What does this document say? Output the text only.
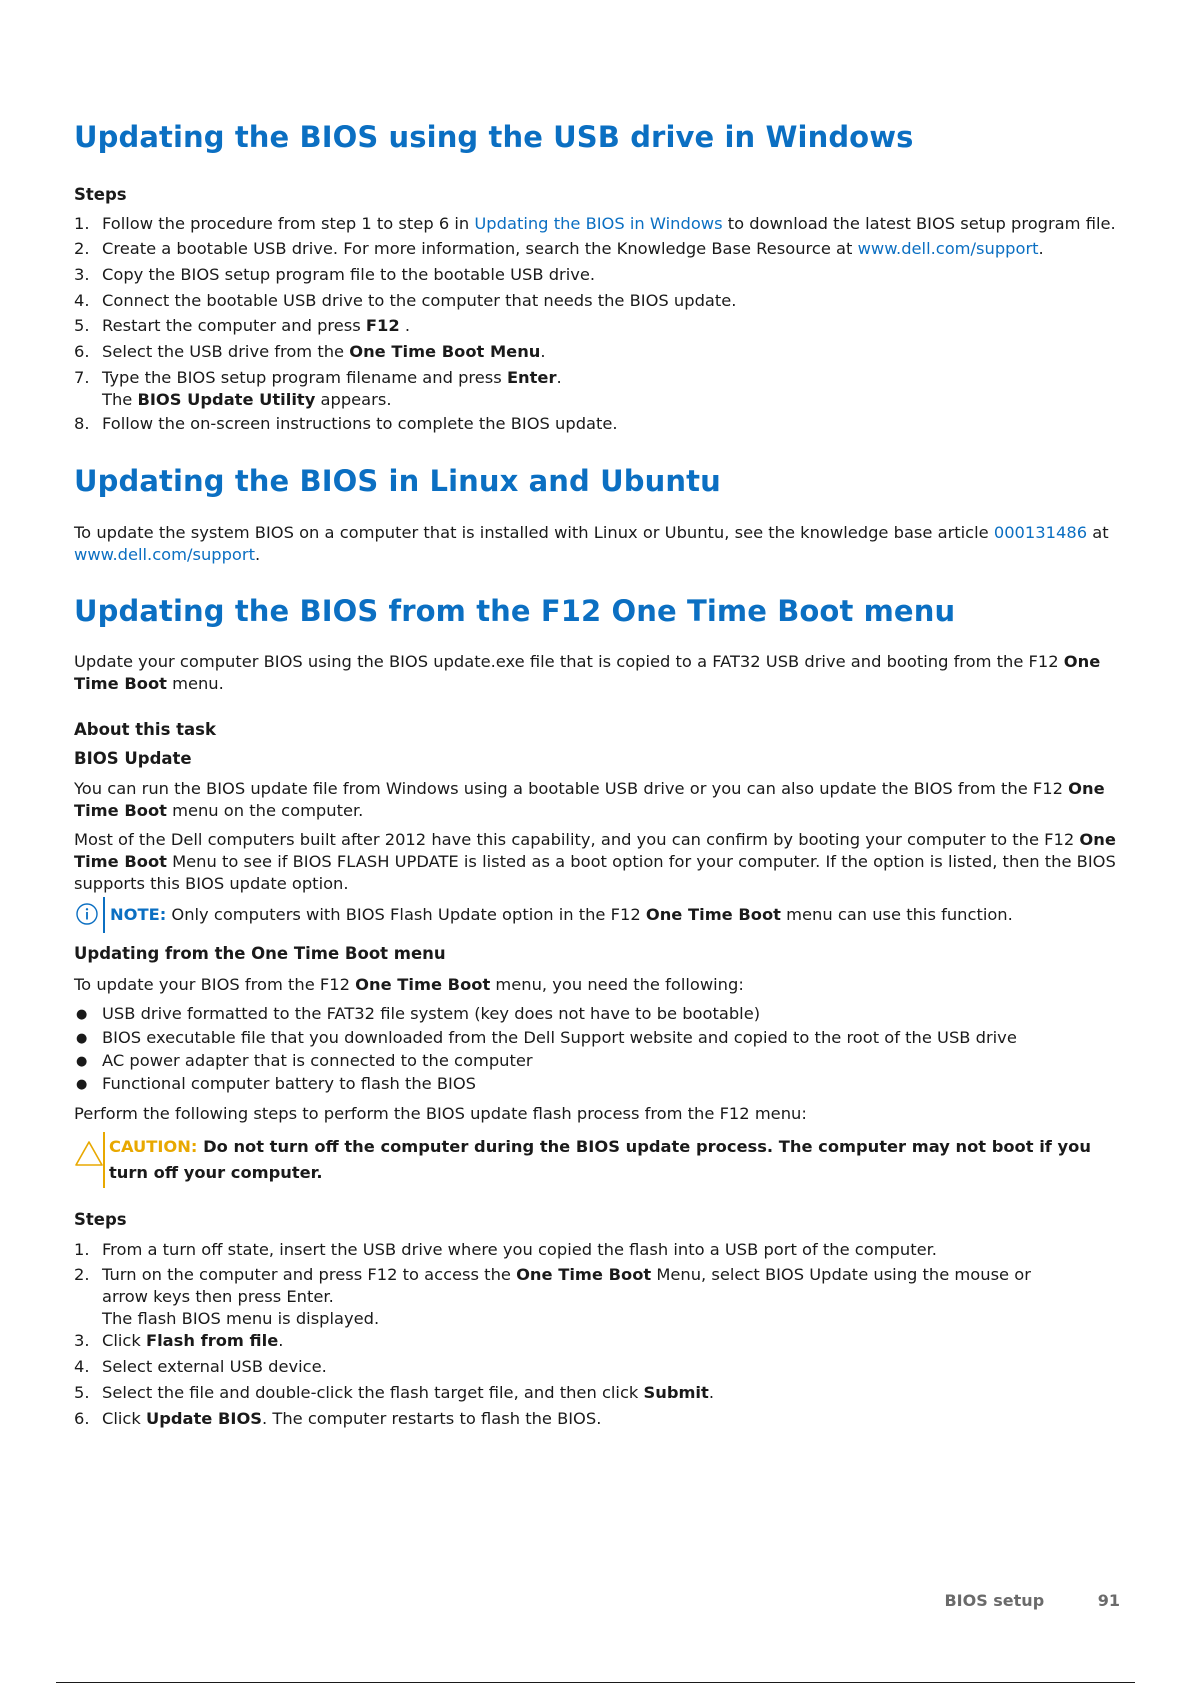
Updating the BIOS using the USB drive in Windows
Steps
1. Follow the procedure from step 1 to step 6 in Updating the BIOS in Windows to download the latest BIOS setup program file.
2. Create a bootable USB drive. For more information, search the Knowledge Base Resource at www.dell.com/support.
3. Copy the BIOS setup program file to the bootable USB drive.
4. Connect the bootable USB drive to the computer that needs the BIOS update.
5. Restart the computer and press F12 .
6. Select the USB drive from the One Time Boot Menu.
7. Type the BIOS setup program filename and press Enter.
The BIOS Update Utility appears.
8. Follow the on-screen instructions to complete the BIOS update.
Updating the BIOS in Linux and Ubuntu

To update the system BIOS on a computer that is installed with Linux or Ubuntu, see the knowledge base article 000131486 at
www.dell.com/support.

Updating the BIOS from the F12 One Time Boot menu

Update your computer BIOS using the BIOS update.exe file that is copied to a FAT32 USB drive and booting from the F12 One Time Boot menu.

About this task
BIOS Update

You can run the BIOS update file from Windows using a bootable USB drive or you can also update the BIOS from the F12 One Time Boot menu on the computer.

Most of the Dell computers built after 2012 have this capability, and you can confirm by booting your computer to the F12 One Time Boot Menu to see if BIOS FLASH UPDATE is listed as a boot option for your computer. If the option is listed, then the BIOS supports this BIOS update option.

NOTE: Only computers with BIOS Flash Update option in the F12 One Time Boot menu can use this function.
Updating from the One Time Boot menu

To update your BIOS from the F12 One Time Boot menu, you need the following:

● USB drive formatted to the FAT32 file system (key does not have to be bootable)
● BIOS executable file that you downloaded from the Dell Support website and copied to the root of the USB drive
● AC power adapter that is connected to the computer
● Functional computer battery to flash the BIOS

Perform the following steps to perform the BIOS update flash process from the F12 menu:

CAUTION: Do not turn off the computer during the BIOS update process. The computer may not boot if you turn off your computer.
Steps
1. From a turn off state, insert the USB drive where you copied the flash into a USB port of the computer.
2. Turn on the computer and press F12 to access the One Time Boot Menu, select BIOS Update using the mouse or arrow keys then press Enter.
The flash BIOS menu is displayed.
3. Click Flash from file.
4. Select external USB device.
5. Select the file and double-click the flash target file, and then click Submit.
6. Click Update BIOS. The computer restarts to flash the BIOS.
BIOS setup	91
